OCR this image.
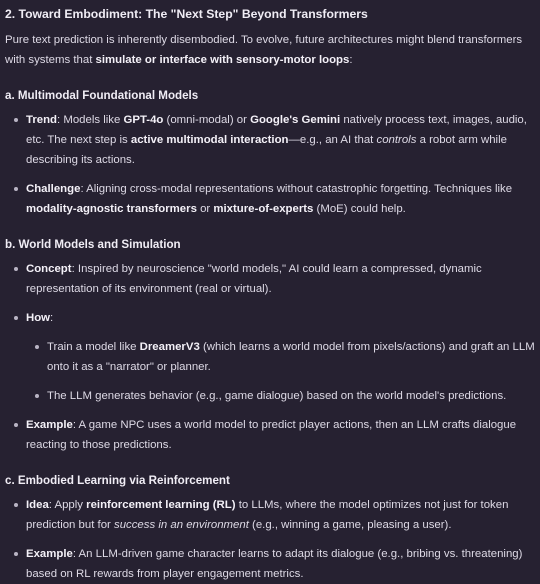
2. Toward Embodiment: The "Next Step" Beyond Transformers

Pure text prediction is inherently disembodied. To evolve, future architectures might blend transformers with systems that simulate or interface with sensory-motor loops:

a. Multimodal Foundational Models
Trend: Models like GPT-4o (omni-modal) or Google's Gemini natively process text, images, audio, etc. The next step is active multimodal interaction—e.g., an AI that controls a robot arm while describing its actions.
Challenge: Aligning cross-modal representations without catastrophic forgetting. Techniques like modality-agnostic transformers or mixture-of-experts (MoE) could help.
b. World Models and Simulation
Concept: Inspired by neuroscience "world models," AI could learn a compressed, dynamic representation of its environment (real or virtual).
How:
Train a model like DreamerV3 (which learns a world model from pixels/actions) and graft an LLM onto it as a "narrator" or planner.
The LLM generates behavior (e.g., game dialogue) based on the world model's predictions.
Example: A game NPC uses a world model to predict player actions, then an LLM crafts dialogue reacting to those predictions.
c. Embodied Learning via Reinforcement
Idea: Apply reinforcement learning (RL) to LLMs, where the model optimizes not just for token prediction but for success in an environment (e.g., winning a game, pleasing a user).
Example: An LLM-driven game character learns to adapt its dialogue (e.g., bribing vs. threatening) based on RL rewards from player engagement metrics.
